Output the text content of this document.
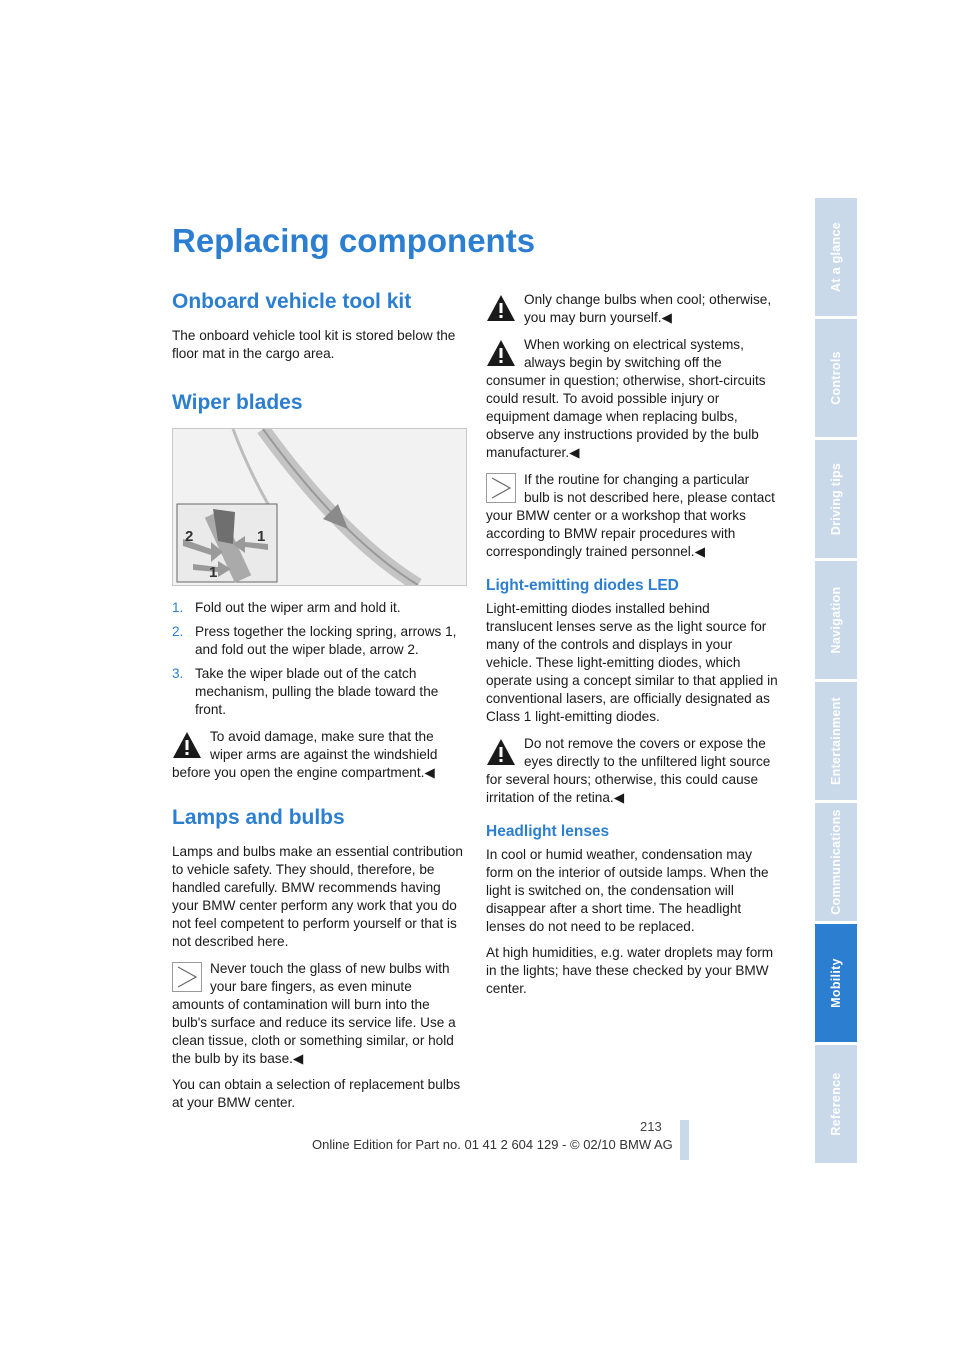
Replacing components
Onboard vehicle tool kit

The onboard vehicle tool kit is stored below the floor mat in the cargo area.

Wiper blades
2
1
1
1. Fold out the wiper arm and hold it.
2. Press together the locking spring, arrows 1, and fold out the wiper blade, arrow 2.
3. Take the wiper blade out of the catch mechanism, pulling the blade toward the front.

To avoid damage, make sure that the wiper arms are against the windshield before you open the engine compartment.◀

Lamps and bulbs

Lamps and bulbs make an essential contribution to vehicle safety. They should, therefore, be handled carefully. BMW recommends having your BMW center perform any work that you do not feel competent to perform yourself or that is not described here.

Never touch the glass of new bulbs with your bare fingers, as even minute amounts of contamination will burn into the bulb's surface and reduce its service life. Use a clean tissue, cloth or something similar, or hold the bulb by its base.◀

You can obtain a selection of replacement bulbs at your BMW center.

Only change bulbs when cool; otherwise, you may burn yourself.◀

When working on electrical systems, always begin by switching off the consumer in question; otherwise, short-circuits could result. To avoid possible injury or equipment damage when replacing bulbs, observe any instructions provided by the bulb manufacturer.◀

If the routine for changing a particular bulb is not described here, please contact your BMW center or a workshop that works according to BMW repair procedures with correspondingly trained personnel.◀

Light-emitting diodes LED

Light-emitting diodes installed behind translucent lenses serve as the light source for many of the controls and displays in your vehicle. These light-emitting diodes, which operate using a concept similar to that applied in conventional lasers, are officially designated as Class 1 light-emitting diodes.

Do not remove the covers or expose the eyes directly to the unfiltered light source for several hours; otherwise, this could cause irritation of the retina.◀

Headlight lenses

In cool or humid weather, condensation may form on the interior of outside lamps. When the light is switched on, the condensation will disappear after a short time. The headlight lenses do not need to be replaced.

At high humidities, e.g. water droplets may form in the lights; have these checked by your BMW center.

At a glance
Controls
Driving tips
Navigation
Entertainment
Communications
Mobility
Reference
213
Online Edition for Part no. 01 41 2 604 129 - © 02/10 BMW AG
